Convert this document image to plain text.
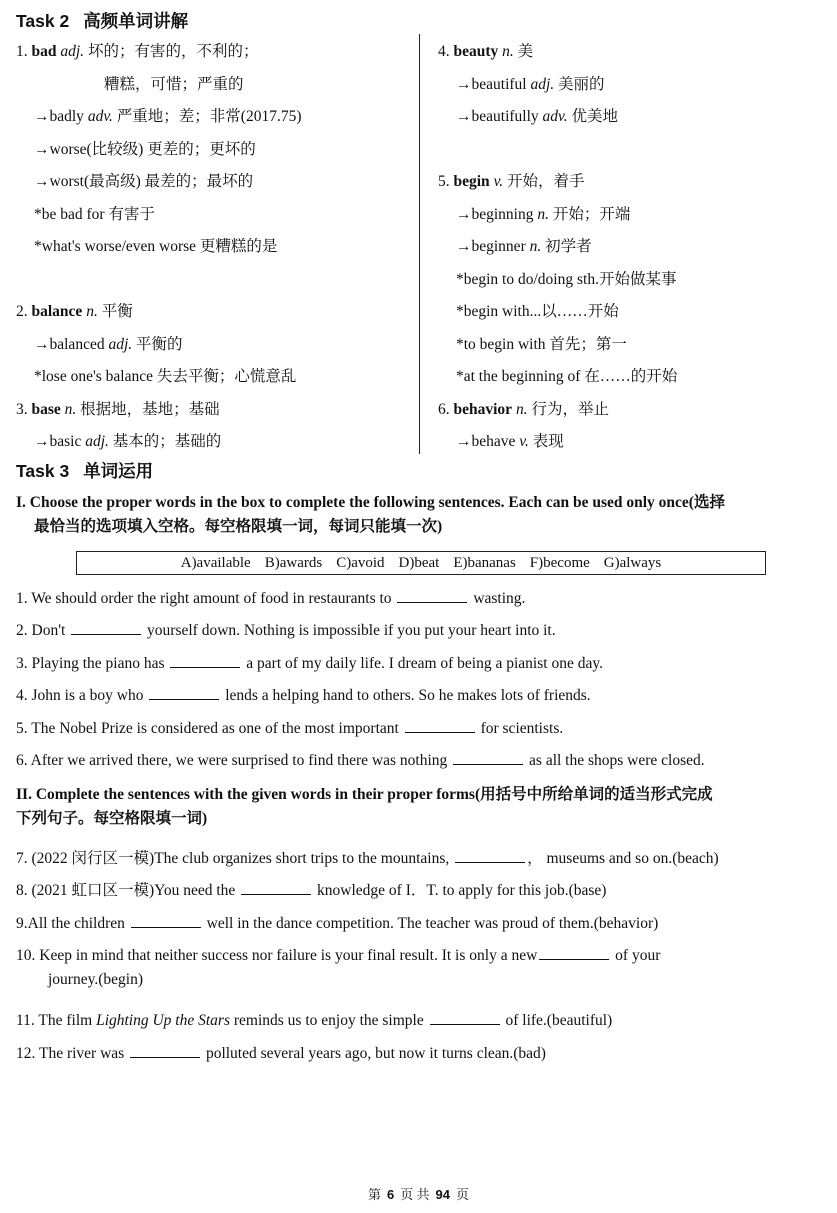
Task 2 高频单词讲解
1. bad adj. 坏的；有害的，不利的；
糟糕，可惜；严重的
→badly adv. 严重地；差；非常(2017.75)
→worse(比较级) 更差的；更坏的
→worst(最高级) 最差的；最坏的
*be bad for 有害于
*what's worse/even worse 更糟糕的是
2. balance n. 平衡
→balanced adj. 平衡的
*lose one's balance 失去平衡；心慌意乱
3. base n. 根据地，基地；基础
→basic adj. 基本的；基础的
4. beauty n. 美
→beautiful adj. 美丽的
→beautifully adv. 优美地
5. begin v. 开始，着手
→beginning n. 开始；开端
→beginner n. 初学者
*begin to do/doing sth.开始做某事
*begin with...以……开始
*to begin with 首先；第一
*at the beginning of 在……的开始
6. behavior n. 行为，举止
→behave v. 表现
Task 3 单词运用
I. Choose the proper words in the box to complete the following sentences. Each can be used only once(选择
最恰当的选项填入空格。每空格限填一词，每词只能填一次)
A)available B)awards C)avoid D)beat E)bananas F)become G)always
1. We should order the right amount of food in restaurants to	wasting.
2. Don't	yourself down. Nothing is impossible if you put your heart into it.
3. Playing the piano has	a part of my daily life. I dream of being a pianist one day.
4. John is a boy who	lends a helping hand to others. So he makes lots of friends.
5. The Nobel Prize is considered as one of the most important	for scientists.
6. After we arrived there, we were surprised to find there was nothing	as all the shops were closed.
II. Complete the sentences with the given words in their proper forms(用括号中所给单词的适当形式完成
下列句子。每空格限填一词)
7. (2022 闵行区一模)The club organizes short trips to the mountains,	， museums and so on.(beach)
8. (2021 虹口区一模)You need the	knowledge of I．T. to apply for this job.(base)
9.All the children	well in the dance competition. The teacher was proud of them.(behavior)
10. Keep in mind that neither success nor failure is your final result. It is only a new	of your
journey.(begin)
11. The film Lighting Up the Stars reminds us to enjoy the simple	of life.(beautiful)
12. The river was	polluted several years ago, but now it turns clean.(bad)
第 6 页 共 94 页
